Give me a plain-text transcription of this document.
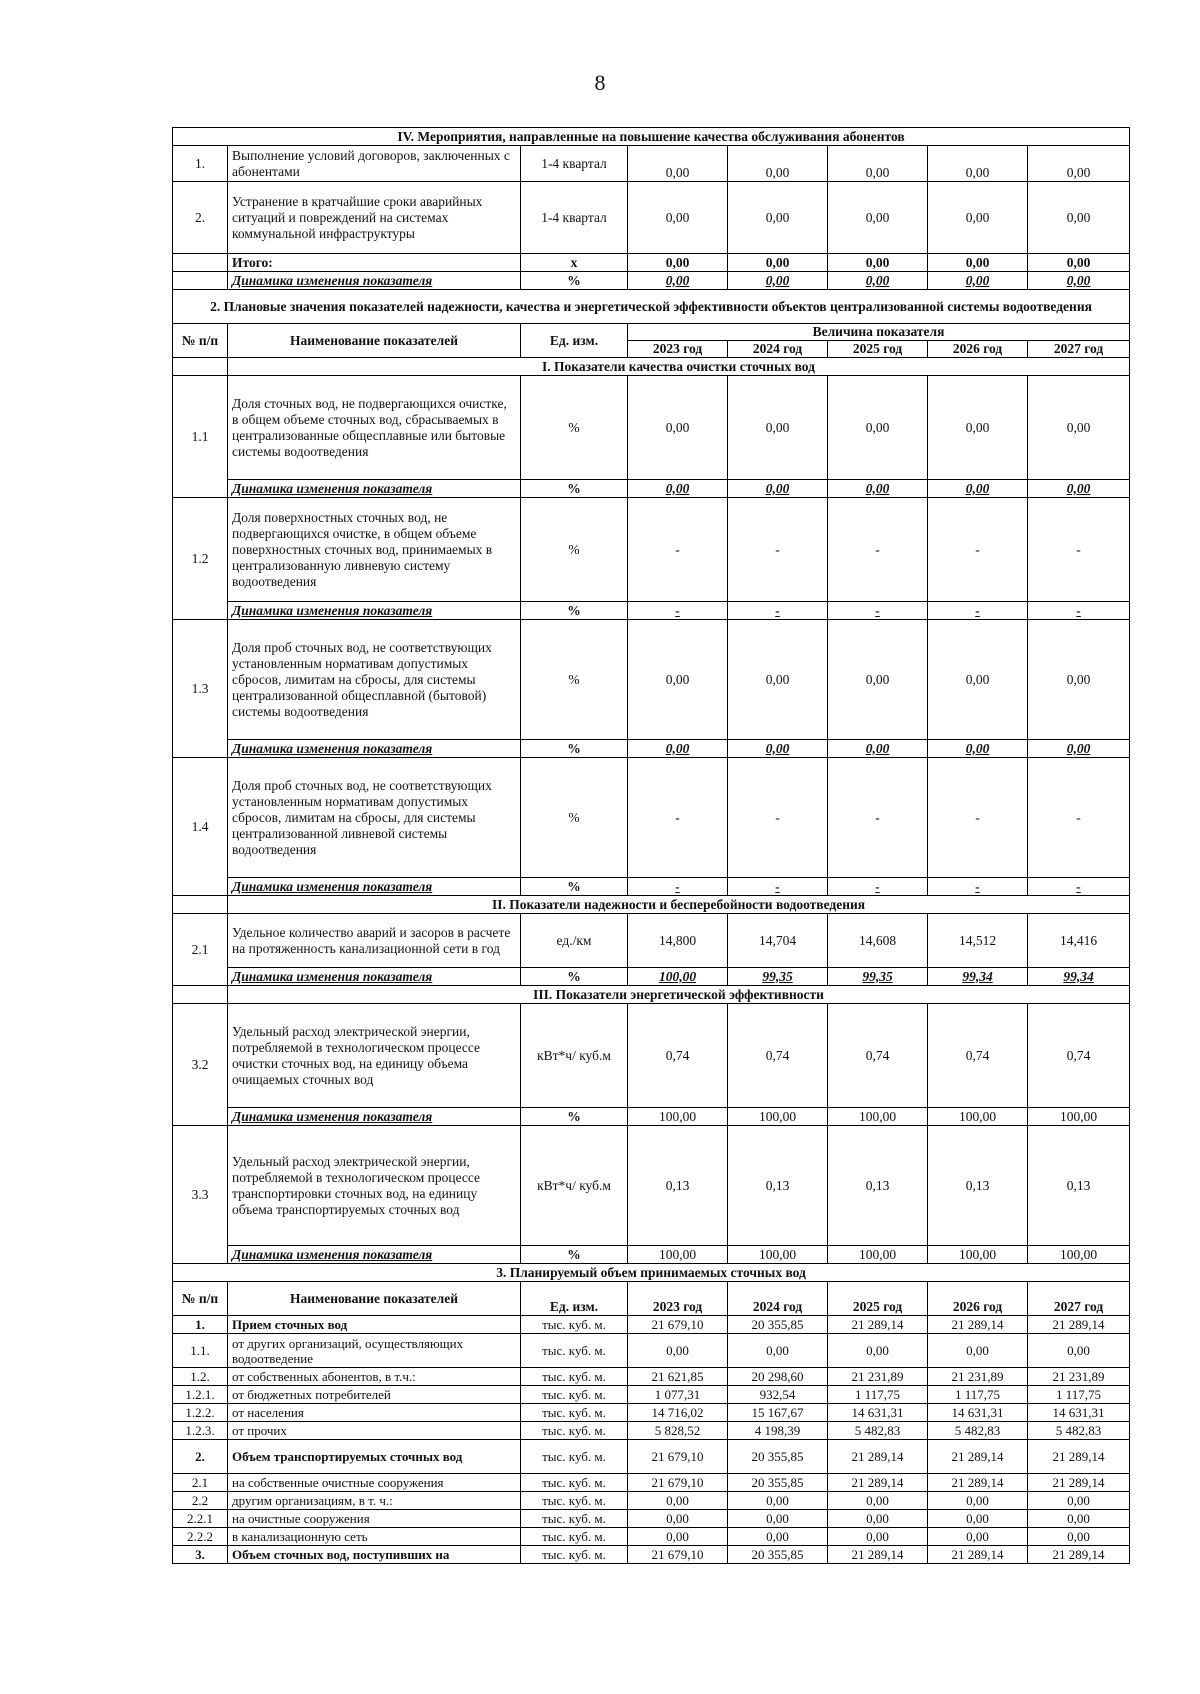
8
IV. Мероприятия, направленные на повышение качества обслуживания абонентов							
1.	Выполнение условий договоров, заключенных с абонентами	1-4 квартал	0,00	0,00	0,00	0,00	0,00
2.	Устранение в кратчайшие сроки аварийных ситуаций и повреждений на системах коммунальной инфраструктуры	1-4 квартал	0,00	0,00	0,00	0,00	0,00
	Итого:	х	0,00	0,00	0,00	0,00	0,00
	Динамика изменения показателя	%	0,00	0,00	0,00	0,00	0,00
2. Плановые значения показателей надежности, качества и энергетической эффективности объектов централизованной системы водоотведения							
№ п/п	Наименование показателей	Ед. изм.	Величина показателя				
			2023 год	2024 год	2025 год	2026 год	2027 год
	I. Показатели качества очистки сточных вод						
1.1	Доля сточных вод, не подвергающихся очистке, в общем объеме сточных вод, сбрасываемых в централизованные общесплавные или бытовые системы водоотведения	%	0,00	0,00	0,00	0,00	0,00
	Динамика изменения показателя	%	0,00	0,00	0,00	0,00	0,00
1.2	Доля поверхностных сточных вод, не подвергающихся очистке, в общем объеме поверхностных сточных вод, принимаемых в централизованную ливневую систему водоотведения	%	-	-	-	-	-
	Динамика изменения показателя	%	-	-	-	-	-
1.3	Доля проб сточных вод, не соответствующих установленным нормативам допустимых сбросов, лимитам на сбросы, для системы централизованной общесплавной (бытовой) системы водоотведения	%	0,00	0,00	0,00	0,00	0,00
	Динамика изменения показателя	%	0,00	0,00	0,00	0,00	0,00
1.4	Доля проб сточных вод, не соответствующих установленным нормативам допустимых сбросов, лимитам на сбросы, для системы централизованной ливневой системы водоотведения	%	-	-	-	-	-
	Динамика изменения показателя	%	-	-	-	-	-
	II. Показатели надежности и бесперебойности водоотведения						
2.1	Удельное количество аварий и засоров в расчете на протяженность канализационной сети в год	ед./км	14,800	14,704	14,608	14,512	14,416
	Динамика изменения показателя	%	100,00	99,35	99,35	99,34	99,34
	III. Показатели энергетической эффективности						
3.2	Удельный расход электрической энергии, потребляемой в технологическом процессе очистки сточных вод, на единицу объема очищаемых сточных вод	кВт*ч/ куб.м	0,74	0,74	0,74	0,74	0,74
	Динамика изменения показателя	%	100,00	100,00	100,00	100,00	100,00
3.3	Удельный расход электрической энергии, потребляемой в технологическом процессе транспортировки сточных вод, на единицу объема транспортируемых сточных вод	кВт*ч/ куб.м	0,13	0,13	0,13	0,13	0,13
	Динамика изменения показателя	%	100,00	100,00	100,00	100,00	100,00
3. Планируемый объем принимаемых сточных вод							
№ п/п	Наименование показателей	Ед. изм.	2023 год	2024 год	2025 год	2026 год	2027 год
1.	Прием сточных вод	тыс. куб. м.	21 679,10	20 355,85	21 289,14	21 289,14	21 289,14
1.1.	от других организаций, осуществляющих водоотведение	тыс. куб. м.	0,00	0,00	0,00	0,00	0,00
1.2.	от собственных абонентов, в т.ч.:	тыс. куб. м.	21 621,85	20 298,60	21 231,89	21 231,89	21 231,89
1.2.1.	от бюджетных потребителей	тыс. куб. м.	1 077,31	932,54	1 117,75	1 117,75	1 117,75
1.2.2.	от населения	тыс. куб. м.	14 716,02	15 167,67	14 631,31	14 631,31	14 631,31
1.2.3.	от прочих	тыс. куб. м.	5 828,52	4 198,39	5 482,83	5 482,83	5 482,83
2.	Объем транспортируемых сточных вод	тыс. куб. м.	21 679,10	20 355,85	21 289,14	21 289,14	21 289,14
2.1	на собственные очистные сооружения	тыс. куб. м.	21 679,10	20 355,85	21 289,14	21 289,14	21 289,14
2.2	другим организациям, в т. ч.:	тыс. куб. м.	0,00	0,00	0,00	0,00	0,00
2.2.1	на очистные сооружения	тыс. куб. м.	0,00	0,00	0,00	0,00	0,00
2.2.2	в канализационную сеть	тыс. куб. м.	0,00	0,00	0,00	0,00	0,00
3.	Объем сточных вод, поступивших на	тыс. куб. м.	21 679,10	20 355,85	21 289,14	21 289,14	21 289,14
